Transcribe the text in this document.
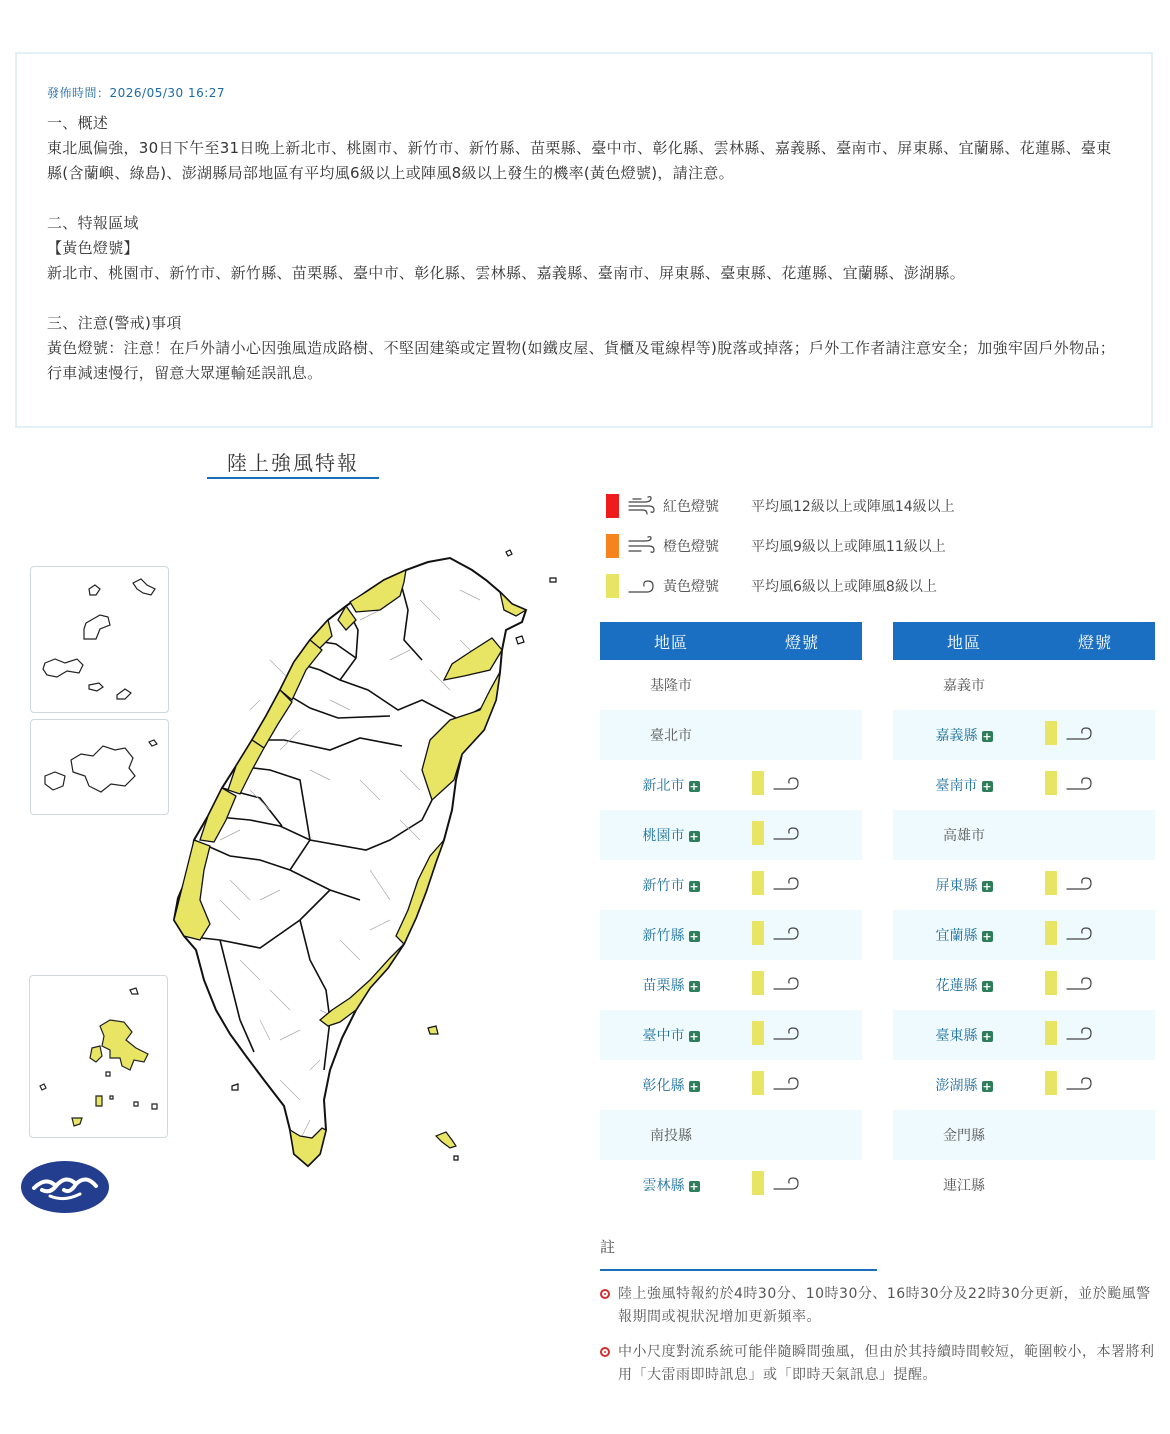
發佈時間：2026/05/30 16:27

一、概述

東北風偏強，30日下午至31日晚上新北市、桃園市、新竹市、新竹縣、苗栗縣、臺中市、彰化縣、雲林縣、嘉義縣、臺南市、屏東縣、宜蘭縣、花蓮縣、臺東縣(含蘭嶼、綠島)、澎湖縣局部地區有平均風6級以上或陣風8級以上發生的機率(黃色燈號)，請注意。

二、特報區域

【黃色燈號】

新北市、桃園市、新竹市、新竹縣、苗栗縣、臺中市、彰化縣、雲林縣、嘉義縣、臺南市、屏東縣、臺東縣、花蓮縣、宜蘭縣、澎湖縣。

三、注意(警戒)事項

黃色燈號：注意！在戶外請小心因強風造成路樹、不堅固建築或定置物(如鐵皮屋、貨櫃及電線桿等)脫落或掉落；戶外工作者請注意安全；加強牢固戶外物品；行車減速慢行，留意大眾運輸延誤訊息。

陸上強風特報
紅色燈號	平均風12級以上或陣風14級以上
橙色燈號	平均風9級以上或陣風11級以上
黃色燈號	平均風6級以上或陣風8級以上
地區	燈號
基隆市	
臺北市	
新北市 +	

桃園市 +	

新竹市 +	

新竹縣 +	

苗栗縣 +	

臺中市 +	

彰化縣 +	

南投縣	
雲林縣 +	
地區	燈號
嘉義市	
嘉義縣 +	

臺南市 +	

高雄市	
屏東縣 +	

宜蘭縣 +	

花蓮縣 +	

臺東縣 +	

澎湖縣 +	

金門縣	
連江縣	
註
陸上強風特報約於4時30分、10時30分、16時30分及22時30分更新，並於颱風警報期間或視狀況增加更新頻率。
中小尺度對流系統可能伴隨瞬間強風，但由於其持續時間較短，範圍較小，本署將利用「大雷雨即時訊息」或「即時天氣訊息」提醒。
